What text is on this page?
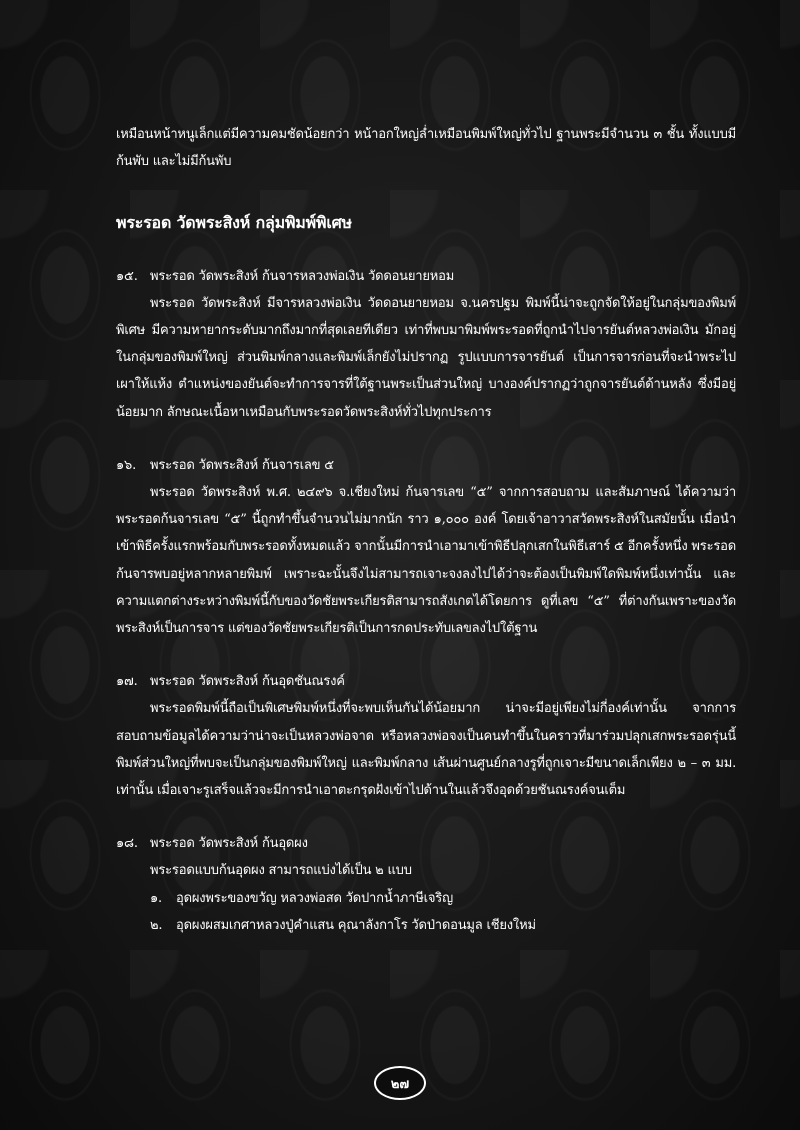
เหมือนหน้าหนูเล็กแต่มีความคมชัดน้อยกว่า หน้าอกใหญ่ล่ำเหมือนพิมพ์ใหญ่ทั่วไป ฐานพระมีจำนวน ๓ ชั้น ทั้งแบบมีก้นพับ และไม่มีก้นพับ

พระรอด วัดพระสิงห์ กลุ่มพิมพ์พิเศษ

๑๕. พระรอด วัดพระสิงห์ ก้นจารหลวงพ่อเงิน วัดดอนยายหอม

พระรอด วัดพระสิงห์ มีจารหลวงพ่อเงิน วัดดอนยายหอม จ.นครปฐม พิมพ์นี้น่าจะถูกจัดให้อยู่ในกลุ่มของพิมพ์พิเศษ มีความหายากระดับมากถึงมากที่สุดเลยทีเดียว เท่าที่พบมาพิมพ์พระรอดที่ถูกนำไปจารยันต์หลวงพ่อเงิน มักอยู่ในกลุ่มของพิมพ์ใหญ่ ส่วนพิมพ์กลางและพิมพ์เล็กยังไม่ปรากฏ รูปแบบการจารยันต์ เป็นการจารก่อนที่จะนำพระไปเผาให้แห้ง ตำแหน่งของยันต์จะทำการจารที่ใต้ฐานพระเป็นส่วนใหญ่ บางองค์ปรากฏว่าถูกจารยันต์ด้านหลัง ซึ่งมีอยู่น้อยมาก ลักษณะเนื้อหาเหมือนกับพระรอดวัดพระสิงห์ทั่วไปทุกประการ

๑๖.	พระรอด วัดพระสิงห์ ก้นจารเลข ๕

พระรอด วัดพระสิงห์ พ.ศ. ๒๔๙๖ จ.เชียงใหม่ ก้นจารเลข “๕” จากการสอบถาม และสัมภาษณ์ ได้ความว่าพระรอดก้นจารเลข “๕” นี้ถูกทำขึ้นจำนวนไม่มากนัก ราว ๑,๐๐๐ องค์ โดยเจ้าอาวาสวัดพระสิงห์ในสมัยนั้น เมื่อนำเข้าพิธีครั้งแรกพร้อมกับพระรอดทั้งหมดแล้ว จากนั้นมีการนำเอามาเข้าพิธีปลุกเสกในพิธีเสาร์ ๕ อีกครั้งหนึ่ง พระรอดก้นจารพบอยู่หลากหลายพิมพ์ เพราะฉะนั้นจึงไม่สามารถเจาะจงลงไปได้ว่าจะต้องเป็นพิมพ์ใดพิมพ์หนึ่งเท่านั้น และความแตกต่างระหว่างพิมพ์นี้กับของวัดชัยพระเกียรติสามารถสังเกตได้โดยการ ดูที่เลข “๕” ที่ต่างกันเพราะของวัดพระสิงห์เป็นการจาร แต่ของวัดชัยพระเกียรติเป็นการกดประทับเลขลงไปใต้ฐาน

๑๗. พระรอด วัดพระสิงห์ ก้นอุดชันณรงค์

พระรอดพิมพ์นี้ถือเป็นพิเศษพิมพ์หนึ่งที่จะพบเห็นกันได้น้อยมาก น่าจะมีอยู่เพียงไม่กี่องค์เท่านั้น จากการสอบถามข้อมูลได้ความว่าน่าจะเป็นหลวงพ่อจาด หรือหลวงพ่อจงเป็นคนทำขึ้นในคราวที่มาร่วมปลุกเสกพระรอดรุ่นนี้ พิมพ์ส่วนใหญ่ที่พบจะเป็นกลุ่มของพิมพ์ใหญ่ และพิมพ์กลาง เส้นผ่านศูนย์กลางรูที่ถูกเจาะมีขนาดเล็กเพียง ๒ – ๓ มม. เท่านั้น เมื่อเจาะรูเสร็จแล้วจะมีการนำเอาตะกรุดฝังเข้าไปด้านในแล้วจึงอุดด้วยชันณรงค์จนเต็ม

๑๘. พระรอด วัดพระสิงห์ ก้นอุดผง

พระรอดแบบก้นอุดผง สามารถแบ่งได้เป็น ๒ แบบ

๑.	อุดผงพระของขวัญ หลวงพ่อสด วัดปากน้ำภาษีเจริญ
๒.	อุดผงผสมเกศาหลวงปู่คำแสน คุณาลังกาโร วัดป่าดอนมูล เชียงใหม่
๒๗
